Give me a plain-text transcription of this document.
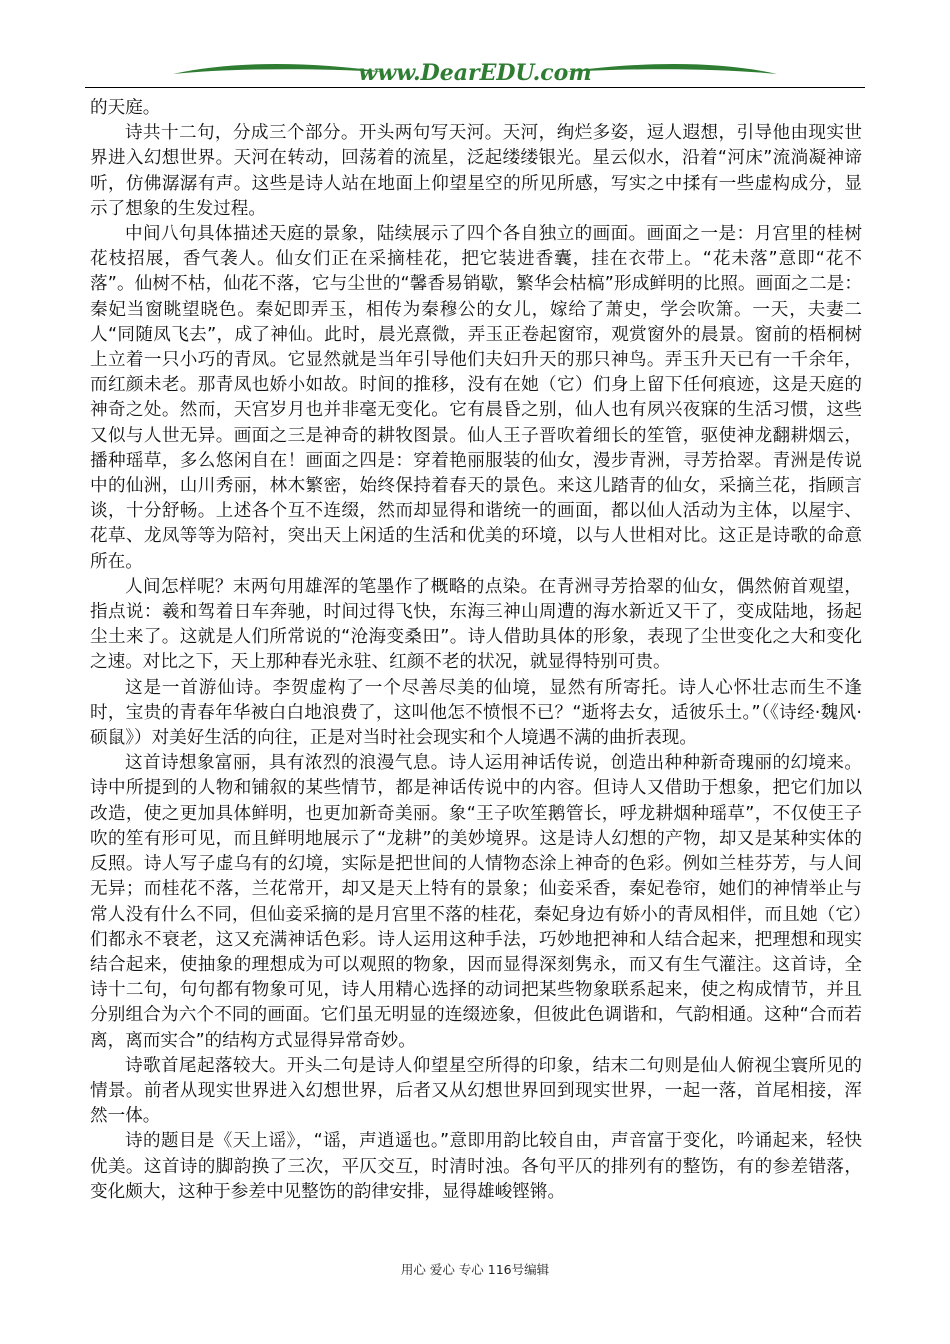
www.DearEDU.com

的天庭。

诗共十二句，分成三个部分。开头两句写天河。天河，绚烂多姿，逗人遐想，引导他由现实世界进入幻想世界。天河在转动，回荡着的流星，泛起缕缕银光。星云似水，沿着“河床”流淌凝神谛听，仿佛潺潺有声。这些是诗人站在地面上仰望星空的所见所感，写实之中揉有一些虚构成分，显示了想象的生发过程。

中间八句具体描述天庭的景象，陆续展示了四个各自独立的画面。画面之一是：月宫里的桂树花枝招展，香气袭人。仙女们正在采摘桂花，把它装进香囊，挂在衣带上。“花未落”意即“花不落”。仙树不枯，仙花不落，它与尘世的“馨香易销歇，繁华会枯槁”形成鲜明的比照。画面之二是：秦妃当窗眺望晓色。秦妃即弄玉，相传为秦穆公的女儿，嫁给了萧史，学会吹箫。一天，夫妻二人“同随凤飞去”，成了神仙。此时，晨光熹微，弄玉正卷起窗帘，观赏窗外的晨景。窗前的梧桐树上立着一只小巧的青凤。它显然就是当年引导他们夫妇升天的那只神鸟。弄玉升天已有一千余年，而红颜未老。那青凤也娇小如故。时间的推移，没有在她（它）们身上留下任何痕迹，这是天庭的神奇之处。然而，天宫岁月也并非毫无变化。它有晨昏之别，仙人也有夙兴夜寐的生活习惯，这些又似与人世无异。画面之三是神奇的耕牧图景。仙人王子晋吹着细长的笙管，驱使神龙翻耕烟云，播种瑶草，多么悠闲自在！画面之四是：穿着艳丽服装的仙女，漫步青洲，寻芳拾翠。青洲是传说中的仙洲，山川秀丽，林木繁密，始终保持着春天的景色。来这儿踏青的仙女，采摘兰花，指顾言谈，十分舒畅。上述各个互不连缀，然而却显得和谐统一的画面，都以仙人活动为主体，以屋宇、花草、龙凤等等为陪衬，突出天上闲适的生活和优美的环境，以与人世相对比。这正是诗歌的命意所在。

人间怎样呢？末两句用雄浑的笔墨作了概略的点染。在青洲寻芳拾翠的仙女，偶然俯首观望，指点说：羲和驾着日车奔驰，时间过得飞快，东海三神山周遭的海水新近又干了，变成陆地，扬起尘土来了。这就是人们所常说的“沧海变桑田”。诗人借助具体的形象，表现了尘世变化之大和变化之速。对比之下，天上那种春光永驻、红颜不老的状况，就显得特别可贵。

这是一首游仙诗。李贺虚构了一个尽善尽美的仙境，显然有所寄托。诗人心怀壮志而生不逢时，宝贵的青春年华被白白地浪费了，这叫他怎不愤恨不已？“逝将去女，适彼乐土。”（《诗经·魏风·硕鼠》）对美好生活的向往，正是对当时社会现实和个人境遇不满的曲折表现。

这首诗想象富丽，具有浓烈的浪漫气息。诗人运用神话传说，创造出种种新奇瑰丽的幻境来。诗中所提到的人物和铺叙的某些情节，都是神话传说中的内容。但诗人又借助于想象，把它们加以改造，使之更加具体鲜明，也更加新奇美丽。象“王子吹笙鹅管长，呼龙耕烟种瑶草”，不仅使王子吹的笙有形可见，而且鲜明地展示了“龙耕”的美妙境界。这是诗人幻想的产物，却又是某种实体的反照。诗人写子虚乌有的幻境，实际是把世间的人情物态涂上神奇的色彩。例如兰桂芬芳，与人间无异；而桂花不落，兰花常开，却又是天上特有的景象；仙妾采香，秦妃卷帘，她们的神情举止与常人没有什么不同，但仙妾采摘的是月宫里不落的桂花，秦妃身边有娇小的青凤相伴，而且她（它）们都永不衰老，这又充满神话色彩。诗人运用这种手法，巧妙地把神和人结合起来，把理想和现实结合起来，使抽象的理想成为可以观照的物象，因而显得深刻隽永，而又有生气灌注。这首诗，全诗十二句，句句都有物象可见，诗人用精心选择的动词把某些物象联系起来，使之构成情节，并且分别组合为六个不同的画面。它们虽无明显的连缀迹象，但彼此色调谐和，气韵相通。这种“合而若离，离而实合”的结构方式显得异常奇妙。

诗歌首尾起落较大。开头二句是诗人仰望星空所得的印象，结末二句则是仙人俯视尘寰所见的情景。前者从现实世界进入幻想世界，后者又从幻想世界回到现实世界，一起一落，首尾相接，浑然一体。

诗的题目是《天上谣》，“谣，声逍遥也。”意即用韵比较自由，声音富于变化，吟诵起来，轻快优美。这首诗的脚韵换了三次，平仄交互，时清时浊。各句平仄的排列有的整饬，有的参差错落，变化颇大，这种于参差中见整饬的韵律安排，显得雄峻铿锵。

用心 爱心 专心 116号编辑
